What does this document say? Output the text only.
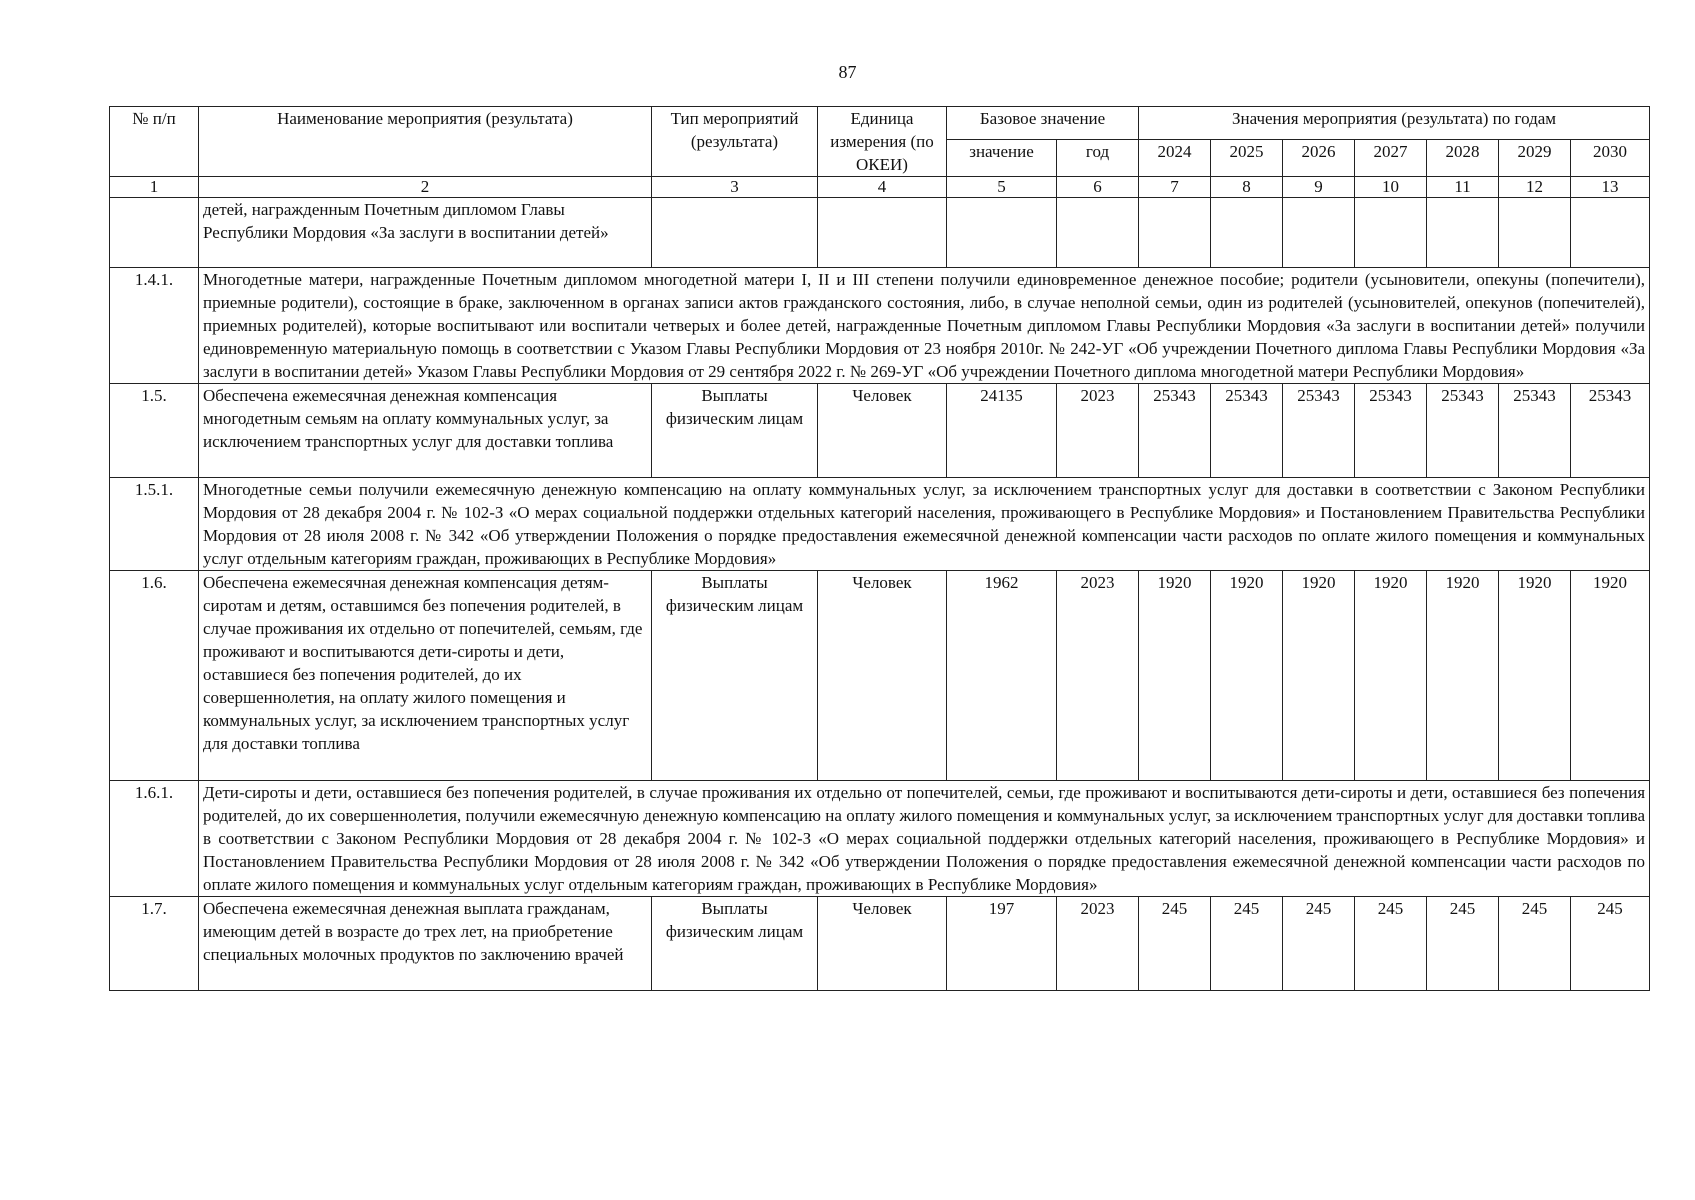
87
№ п/п	Наименование мероприятия (результата)	Тип мероприятий (результата)	Единица измерения (по ОКЕИ)	Базовое значение		Значения мероприятия (результата) по годам						
				значение	год	2024	2025	2026	2027	2028	2029	2030
1	2	3	4	5	6	7	8	9	10	11	12	13
	детей, награжденным Почетным дипломом Главы Республики Мордовия «За заслуги в воспитании детей»											
1.4.1.	Многодетные матери, награжденные Почетным дипломом многодетной матери I, II и III степени получили единовременное денежное пособие; родители (усыновители, опекуны (попечители), приемные родители), состоящие в браке, заключенном в органах записи актов гражданского состояния, либо, в случае неполной семьи, один из родителей (усыновителей, опекунов (попечителей), приемных родителей), которые воспитывают или воспитали четверых и более детей, награжденные Почетным дипломом Главы Республики Мордовия «За заслуги в воспитании детей» получили единовременную материальную помощь в соответствии с Указом Главы Республики Мордовия от 23 ноября 2010г. № 242-УГ «Об учреждении Почетного диплома Главы Республики Мордовия «За заслуги в воспитании детей» Указом Главы Республики Мордовия от 29 сентября 2022 г. № 269-УГ «Об учреждении Почетного диплома многодетной матери Республики Мордовия»											
1.5.	Обеспечена ежемесячная денежная компенсация многодетным семьям на оплату коммунальных услуг, за исключением транспортных услуг для доставки топлива	Выплаты физическим лицам	Человек	24135	2023	25343	25343	25343	25343	25343	25343	25343
1.5.1.	Многодетные семьи получили ежемесячную денежную компенсацию на оплату коммунальных услуг, за исключением транспортных услуг для доставки в соответствии с Законом Республики Мордовия от 28 декабря 2004 г. № 102-З «О мерах социальной поддержки отдельных категорий населения, проживающего в Республике Мордовия» и Постановлением Правительства Республики Мордовия от 28 июля 2008 г. № 342 «Об утверждении Положения о порядке предоставления ежемесячной денежной компенсации части расходов по оплате жилого помещения и коммунальных услуг отдельным категориям граждан, проживающих в Республике Мордовия»											
1.6.	Обеспечена ежемесячная денежная компенсация детям-сиротам и детям, оставшимся без попечения родителей, в случае проживания их отдельно от попечителей, семьям, где проживают и воспитываются дети-сироты и дети, оставшиеся без попечения родителей, до их совершеннолетия, на оплату жилого помещения и коммунальных услуг, за исключением транспортных услуг для доставки топлива	Выплаты физическим лицам	Человек	1962	2023	1920	1920	1920	1920	1920	1920	1920
1.6.1.	Дети-сироты и дети, оставшиеся без попечения родителей, в случае проживания их отдельно от попечителей, семьи, где проживают и воспитываются дети-сироты и дети, оставшиеся без попечения родителей, до их совершеннолетия, получили ежемесячную денежную компенсацию на оплату жилого помещения и коммунальных услуг, за исключением транспортных услуг для доставки топлива в соответствии с Законом Республики Мордовия от 28 декабря 2004 г. № 102-З «О мерах социальной поддержки отдельных категорий населения, проживающего в Республике Мордовия» и Постановлением Правительства Республики Мордовия от 28 июля 2008 г. № 342 «Об утверждении Положения о порядке предоставления ежемесячной денежной компенсации части расходов по оплате жилого помещения и коммунальных услуг отдельным категориям граждан, проживающих в Республике Мордовия»											
1.7.	Обеспечена ежемесячная денежная выплата гражданам, имеющим детей в возрасте до трех лет, на приобретение специальных молочных продуктов по заключению врачей	Выплаты физическим лицам	Человек	197	2023	245	245	245	245	245	245	245
